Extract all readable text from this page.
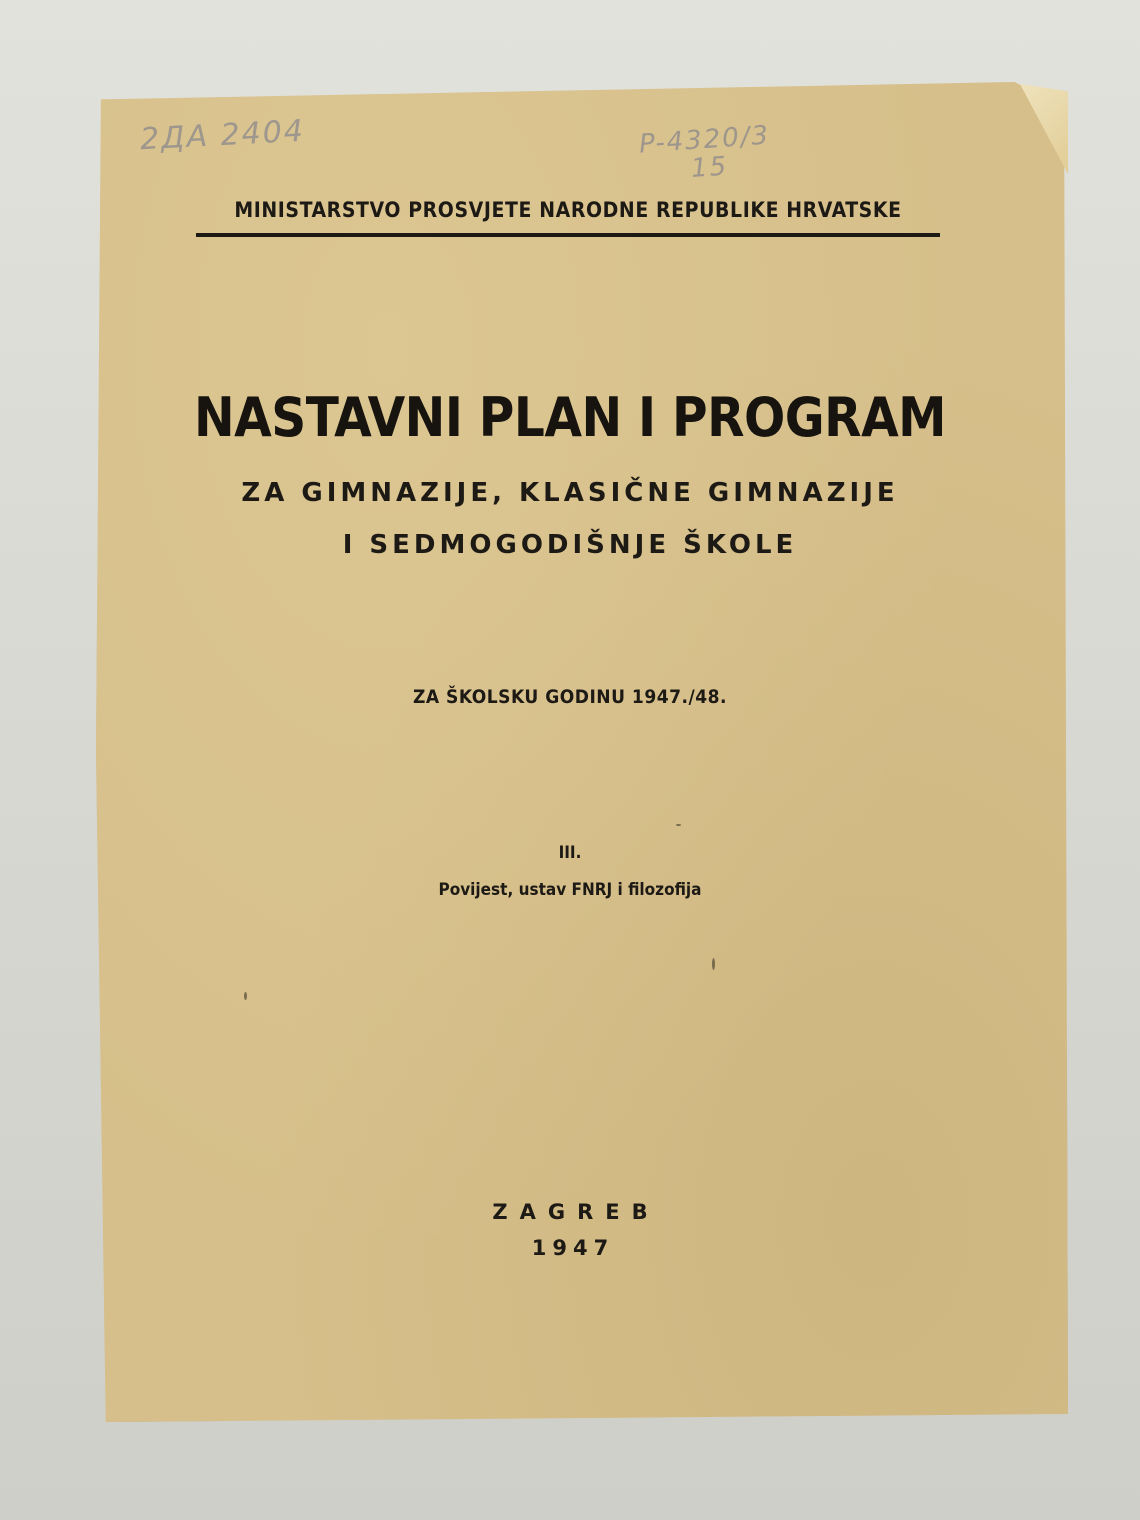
2ДА 2404	P-4320/3
15
MINISTARSTVO PROSVJETE NARODNE REPUBLIKE HRVATSKE
NASTAVNI PLAN I PROGRAM
ZA GIMNAZIJE, KLASIČNE GIMNAZIJE
I SEDMOGODIŠNJE ŠKOLE
ZA ŠKOLSKU GODINU 1947./48.
III.
Povijest, ustav FNRJ i filozofija
ZAGREB
1947
